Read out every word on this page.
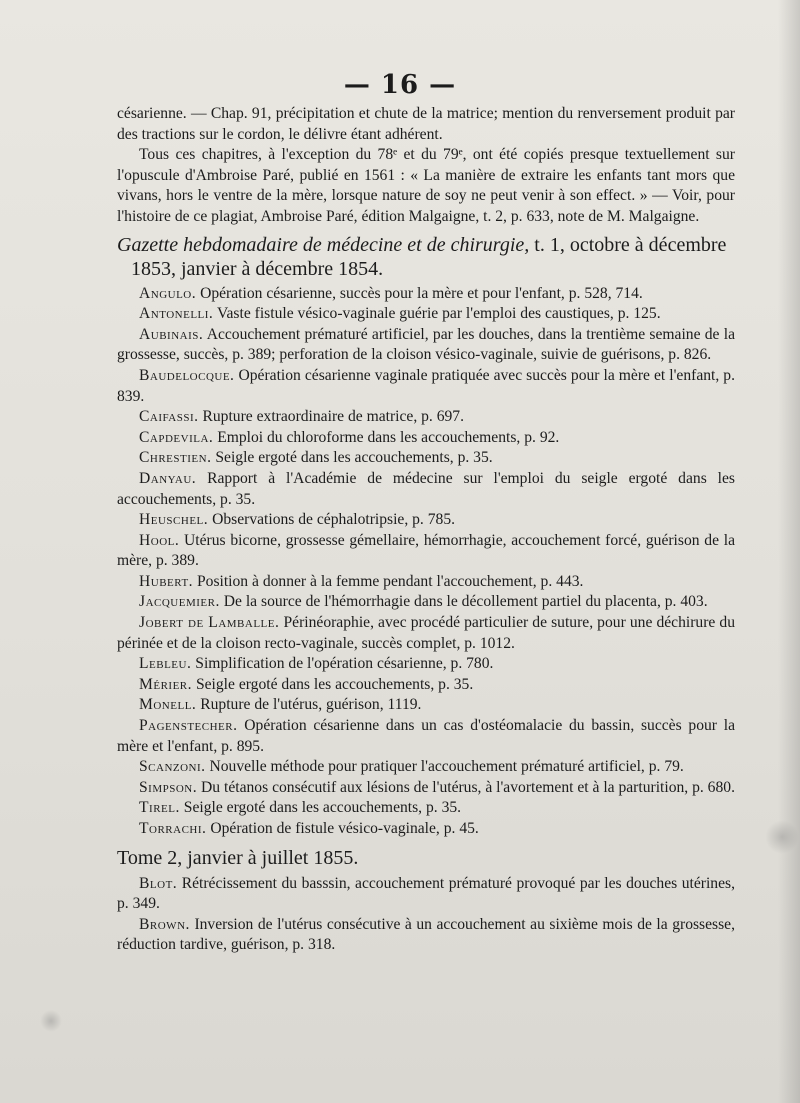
— 16 —

césarienne. — Chap. 91, précipitation et chute de la matrice; mention du renversement produit par des tractions sur le cordon, le délivre étant adhérent.

Tous ces chapitres, à l'exception du 78ᵉ et du 79ᵉ, ont été copiés presque textuellement sur l'opuscule d'Ambroise Paré, publié en 1561 : « La manière de extraire les enfants tant mors que vivans, hors le ventre de la mère, lorsque nature de soy ne peut venir à son effect. » — Voir, pour l'histoire de ce plagiat, Ambroise Paré, édition Malgaigne, t. 2, p. 633, note de M. Malgaigne.

Gazette hebdomadaire de médecine et de chirurgie, t. 1, octobre à décembre
1853, janvier à décembre 1854.

Angulo. Opération césarienne, succès pour la mère et pour l'enfant, p. 528, 714.

Antonelli. Vaste fistule vésico-vaginale guérie par l'emploi des caustiques, p. 125.

Aubinais. Accouchement prématuré artificiel, par les douches, dans la trentième semaine de la grossesse, succès, p. 389; perforation de la cloison vésico-vaginale, suivie de guérisons, p. 826.

Baudelocque. Opération césarienne vaginale pratiquée avec succès pour la mère et l'enfant, p. 839.

Caifassi. Rupture extraordinaire de matrice, p. 697.

Capdevila. Emploi du chloroforme dans les accouchements, p. 92.

Chrestien. Seigle ergoté dans les accouchements, p. 35.

Danyau. Rapport à l'Académie de médecine sur l'emploi du seigle ergoté dans les accouchements, p. 35.

Heuschel. Observations de céphalotripsie, p. 785.

Hool. Utérus bicorne, grossesse gémellaire, hémorrhagie, accouchement forcé, guérison de la mère, p. 389.

Hubert. Position à donner à la femme pendant l'accouchement, p. 443.

Jacquemier. De la source de l'hémorrhagie dans le décollement partiel du placenta, p. 403.

Jobert de Lamballe. Périnéoraphie, avec procédé particulier de suture, pour une déchirure du périnée et de la cloison recto-vaginale, succès complet, p. 1012.

Lebleu. Simplification de l'opération césarienne, p. 780.

Mérier. Seigle ergoté dans les accouchements, p. 35.

Monell. Rupture de l'utérus, guérison, 1119.

Pagenstecher. Opération césarienne dans un cas d'ostéomalacie du bassin, succès pour la mère et l'enfant, p. 895.

Scanzoni. Nouvelle méthode pour pratiquer l'accouchement prématuré artificiel, p. 79.

Simpson. Du tétanos consécutif aux lésions de l'utérus, à l'avortement et à la parturition, p. 680.

Tirel. Seigle ergoté dans les accouchements, p. 35.

Torrachi. Opération de fistule vésico-vaginale, p. 45.

Tome 2, janvier à juillet 1855.

Blot. Rétrécissement du basssin, accouchement prématuré provoqué par les douches utérines, p. 349.

Brown. Inversion de l'utérus consécutive à un accouchement au sixième mois de la grossesse, réduction tardive, guérison, p. 318.
